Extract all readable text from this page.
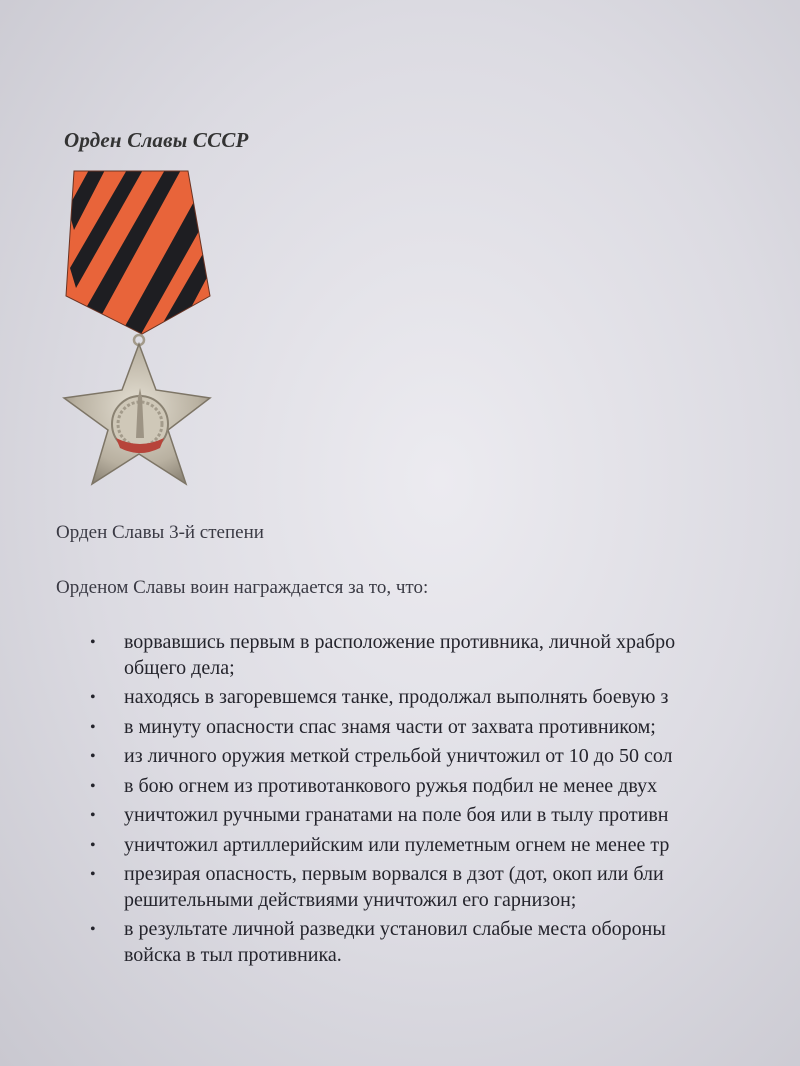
Орден Славы СССР
Орден Славы 3-й степени
Орденом Славы воин награждается за то, что:
• ворвавшись первым в расположение противника, личной храбро
общего дела;
• находясь в загоревшемся танке, продолжал выполнять боевую з
• в минуту опасности спас знамя части от захвата противником;
• из личного оружия меткой стрельбой уничтожил от 10 до 50 сол
• в бою огнем из противотанкового ружья подбил не менее двух
• уничтожил ручными гранатами на поле боя или в тылу противн
• уничтожил артиллерийским или пулеметным огнем не менее тр
• презирая опасность, первым ворвался в дзот (дот, окоп или бли
решительными действиями уничтожил его гарнизон;
• в результате личной разведки установил слабые места обороны
войска в тыл противника.
